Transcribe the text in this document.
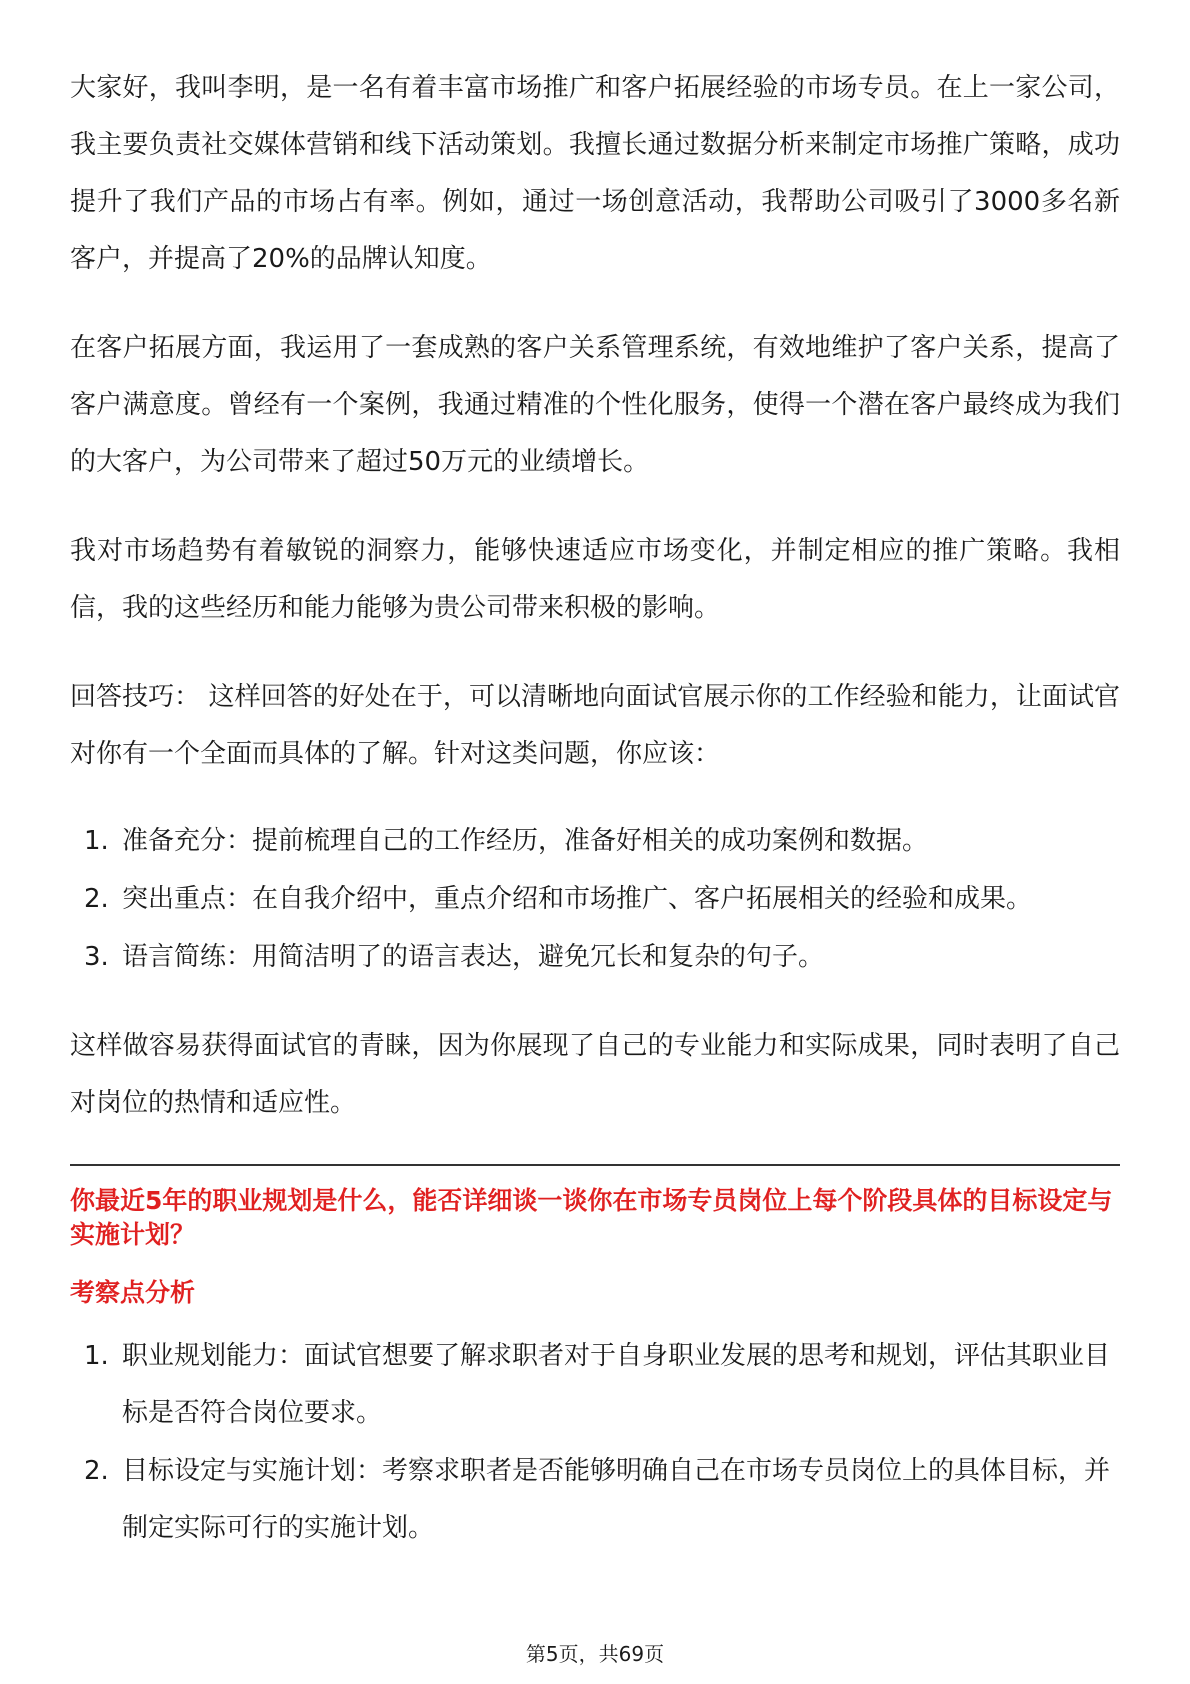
大家好，我叫李明，是一名有着丰富市场推广和客户拓展经验的市场专员。在上一家公司，我主要负责社交媒体营销和线下活动策划。我擅长通过数据分析来制定市场推广策略，成功提升了我们产品的市场占有率。例如，通过一场创意活动，我帮助公司吸引了3000多名新客户，并提高了20%的品牌认知度。

在客户拓展方面，我运用了一套成熟的客户关系管理系统，有效地维护了客户关系，提高了客户满意度。曾经有一个案例，我通过精准的个性化服务，使得一个潜在客户最终成为我们的大客户，为公司带来了超过50万元的业绩增长。

我对市场趋势有着敏锐的洞察力，能够快速适应市场变化，并制定相应的推广策略。我相信，我的这些经历和能力能够为贵公司带来积极的影响。

回答技巧： 这样回答的好处在于，可以清晰地向面试官展示你的工作经验和能力，让面试官对你有一个全面而具体的了解。针对这类问题，你应该：

1. 准备充分：提前梳理自己的工作经历，准备好相关的成功案例和数据。
2. 突出重点：在自我介绍中，重点介绍和市场推广、客户拓展相关的经验和成果。
3. 语言简练：用简洁明了的语言表达，避免冗长和复杂的句子。

这样做容易获得面试官的青睐，因为你展现了自己的专业能力和实际成果，同时表明了自己对岗位的热情和适应性。

你最近5年的职业规划是什么，能否详细谈一谈你在市场专员岗位上每个阶段具体的目标设定与实施计划？
考察点分析
1. 职业规划能力：面试官想要了解求职者对于自身职业发展的思考和规划，评估其职业目标是否符合岗位要求。
2. 目标设定与实施计划：考察求职者是否能够明确自己在市场专员岗位上的具体目标，并制定实际可行的实施计划。
第5页，共69页
